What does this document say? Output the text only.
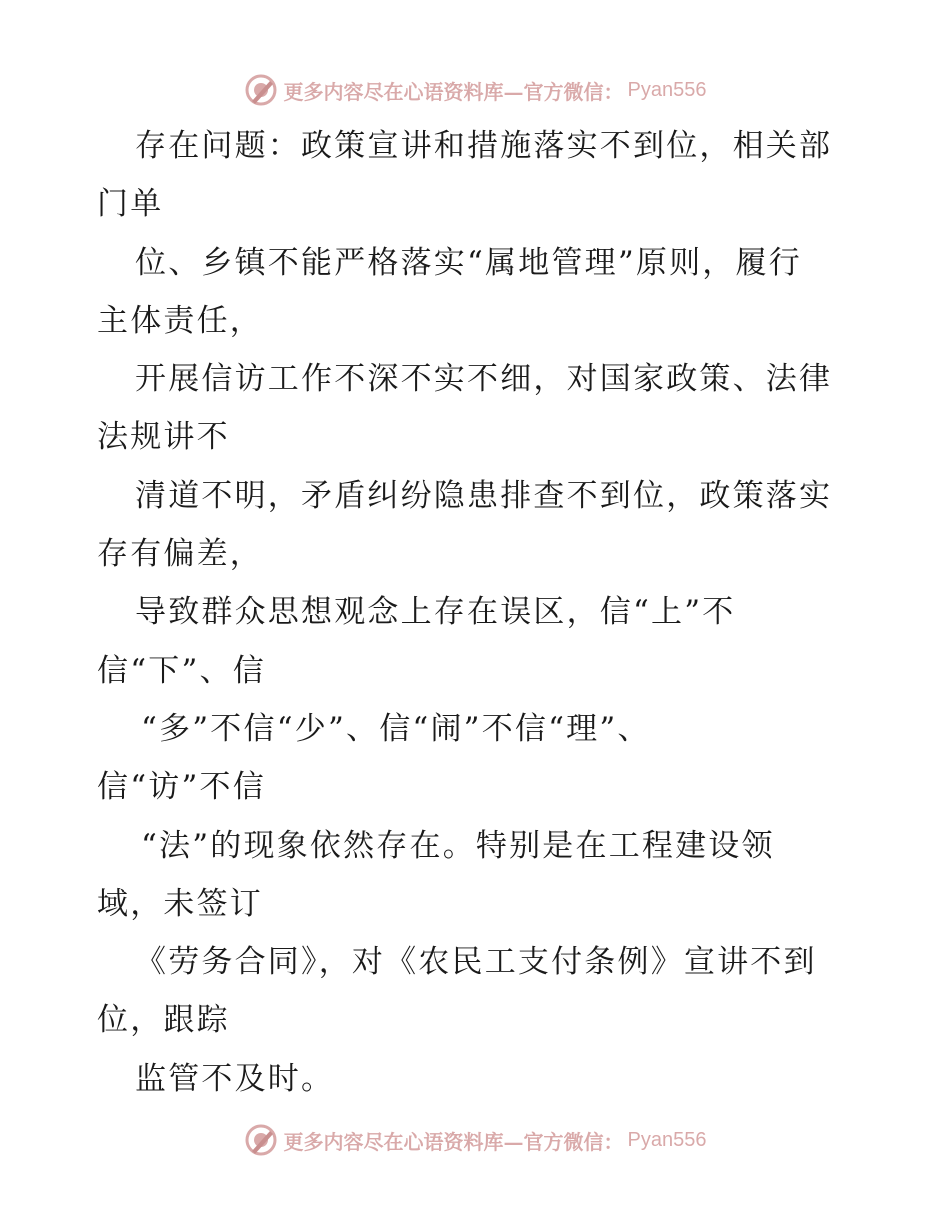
更多内容尽在心语资料库—官方微信： Pyan556
存在问题：政策宣讲和措施落实不到位，相关部
门单
位、乡镇不能严格落实“属地管理”原则，履行
主体责任，
开展信访工作不深不实不细，对国家政策、法律
法规讲不
清道不明，矛盾纠纷隐患排查不到位，政策落实
存有偏差，
导致群众思想观念上存在误区，信“上”不
信“下”、信
“多”不信“少”、信“闹”不信“理”、
信“访”不信
“法”的现象依然存在。特别是在工程建设领
域，未签订
《劳务合同》，对《农民工支付条例》宣讲不到
位，跟踪
监管不及时。
更多内容尽在心语资料库—官方微信： Pyan556
